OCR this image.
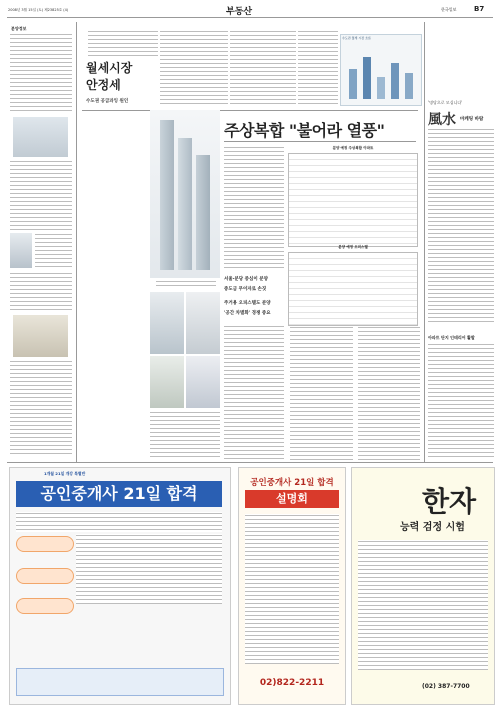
2008년 3월 15일 (토) 제23825호 (4)	부동산	한국일보	B7
분양정보
월세시장 안정세
수도권 공급과잉 원인
수도권 월세 시장 흐름
'명당으로 모십니다'
風水 마케팅 바람
아파트 단지 인테리어 활발
주상복합 "불어라 열풍"
서울·분당 중심이 분양
중도금 무이자로 손짓
주거용 오피스텔도 분양
'공간 차별화' 경쟁 중요
분양 예정 주상복합 아파트
분양 예정 오피스텔
1개월 21일 개강 특별반
공인중개사 21일 합격
공인중개사 21일 합격
설명회
02)822-2211
한자
능력 검정 시험
(02) 387-7700
